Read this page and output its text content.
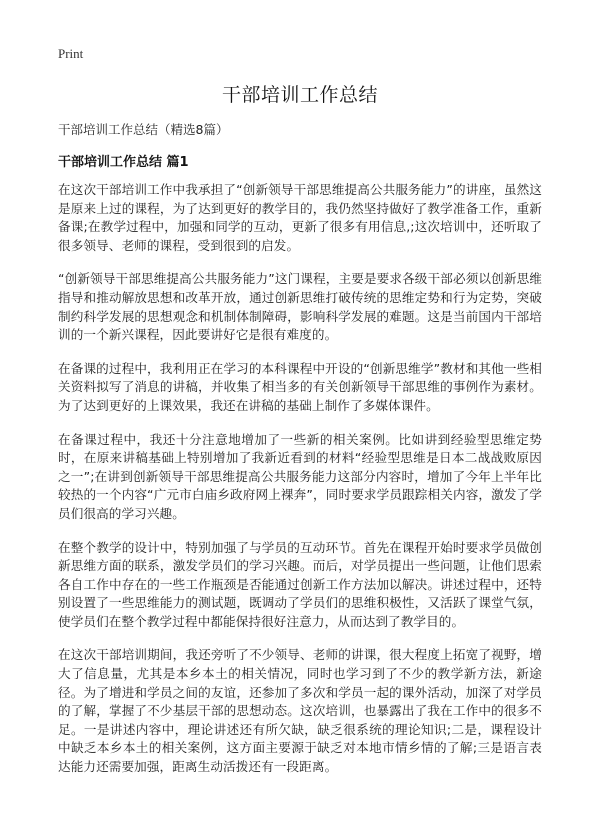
Print
干部培训工作总结
干部培训工作总结（精选8篇）
干部培训工作总结 篇1

在这次干部培训工作中我承担了“创新领导干部思维提高公共服务能力”的讲座，虽然这是原来上过的课程，为了达到更好的教学目的，我仍然坚持做好了教学准备工作，重新备课;在教学过程中，加强和同学的互动，更新了很多有用信息,;这次培训中，还听取了很多领导、老师的课程，受到很到的启发。

“创新领导干部思维提高公共服务能力”这门课程，主要是要求各级干部必须以创新思维指导和推动解放思想和改革开放，通过创新思维打破传统的思维定势和行为定势，突破制约科学发展的思想观念和机制体制障碍，影响科学发展的难题。这是当前国内干部培训的一个新兴课程，因此要讲好它是很有难度的。

在备课的过程中，我利用正在学习的本科课程中开设的“创新思维学”教材和其他一些相关资料拟写了消息的讲稿，并收集了相当多的有关创新领导干部思维的事例作为素材。为了达到更好的上课效果，我还在讲稿的基础上制作了多媒体课件。

在备课过程中，我还十分注意地增加了一些新的相关案例。比如讲到经验型思维定势时，在原来讲稿基础上特别增加了我新近看到的材料“经验型思维是日本二战战败原因之一”;在讲到创新领导干部思维提高公共服务能力这部分内容时，增加了今年上半年比较热的一个内容“广元市白庙乡政府网上裸奔”，同时要求学员跟踪相关内容，激发了学员们很高的学习兴趣。

在整个教学的设计中，特别加强了与学员的互动环节。首先在课程开始时要求学员做创新思维方面的联系，激发学员们的学习兴趣。而后，对学员提出一些问题，让他们思索各自工作中存在的一些工作瓶颈是否能通过创新工作方法加以解决。讲述过程中，还特别设置了一些思维能力的测试题，既调动了学员们的思维积极性，又活跃了课堂气氛，使学员们在整个教学过程中都能保持很好注意力，从而达到了教学目的。

在这次干部培训期间，我还旁听了不少领导、老师的讲课，很大程度上拓宽了视野，增大了信息量，尤其是本乡本土的相关情况，同时也学习到了不少的教学新方法，新途径。为了增进和学员之间的友谊，还参加了多次和学员一起的课外活动，加深了对学员的了解，掌握了不少基层干部的思想动态。这次培训，也暴露出了我在工作中的很多不足。一是讲述内容中，理论讲述还有所欠缺，缺乏很系统的理论知识;二是，课程设计中缺乏本乡本土的相关案例，这方面主要源于缺乏对本地市情乡情的了解;三是语言表达能力还需要加强，距离生动活拨还有一段距离。
